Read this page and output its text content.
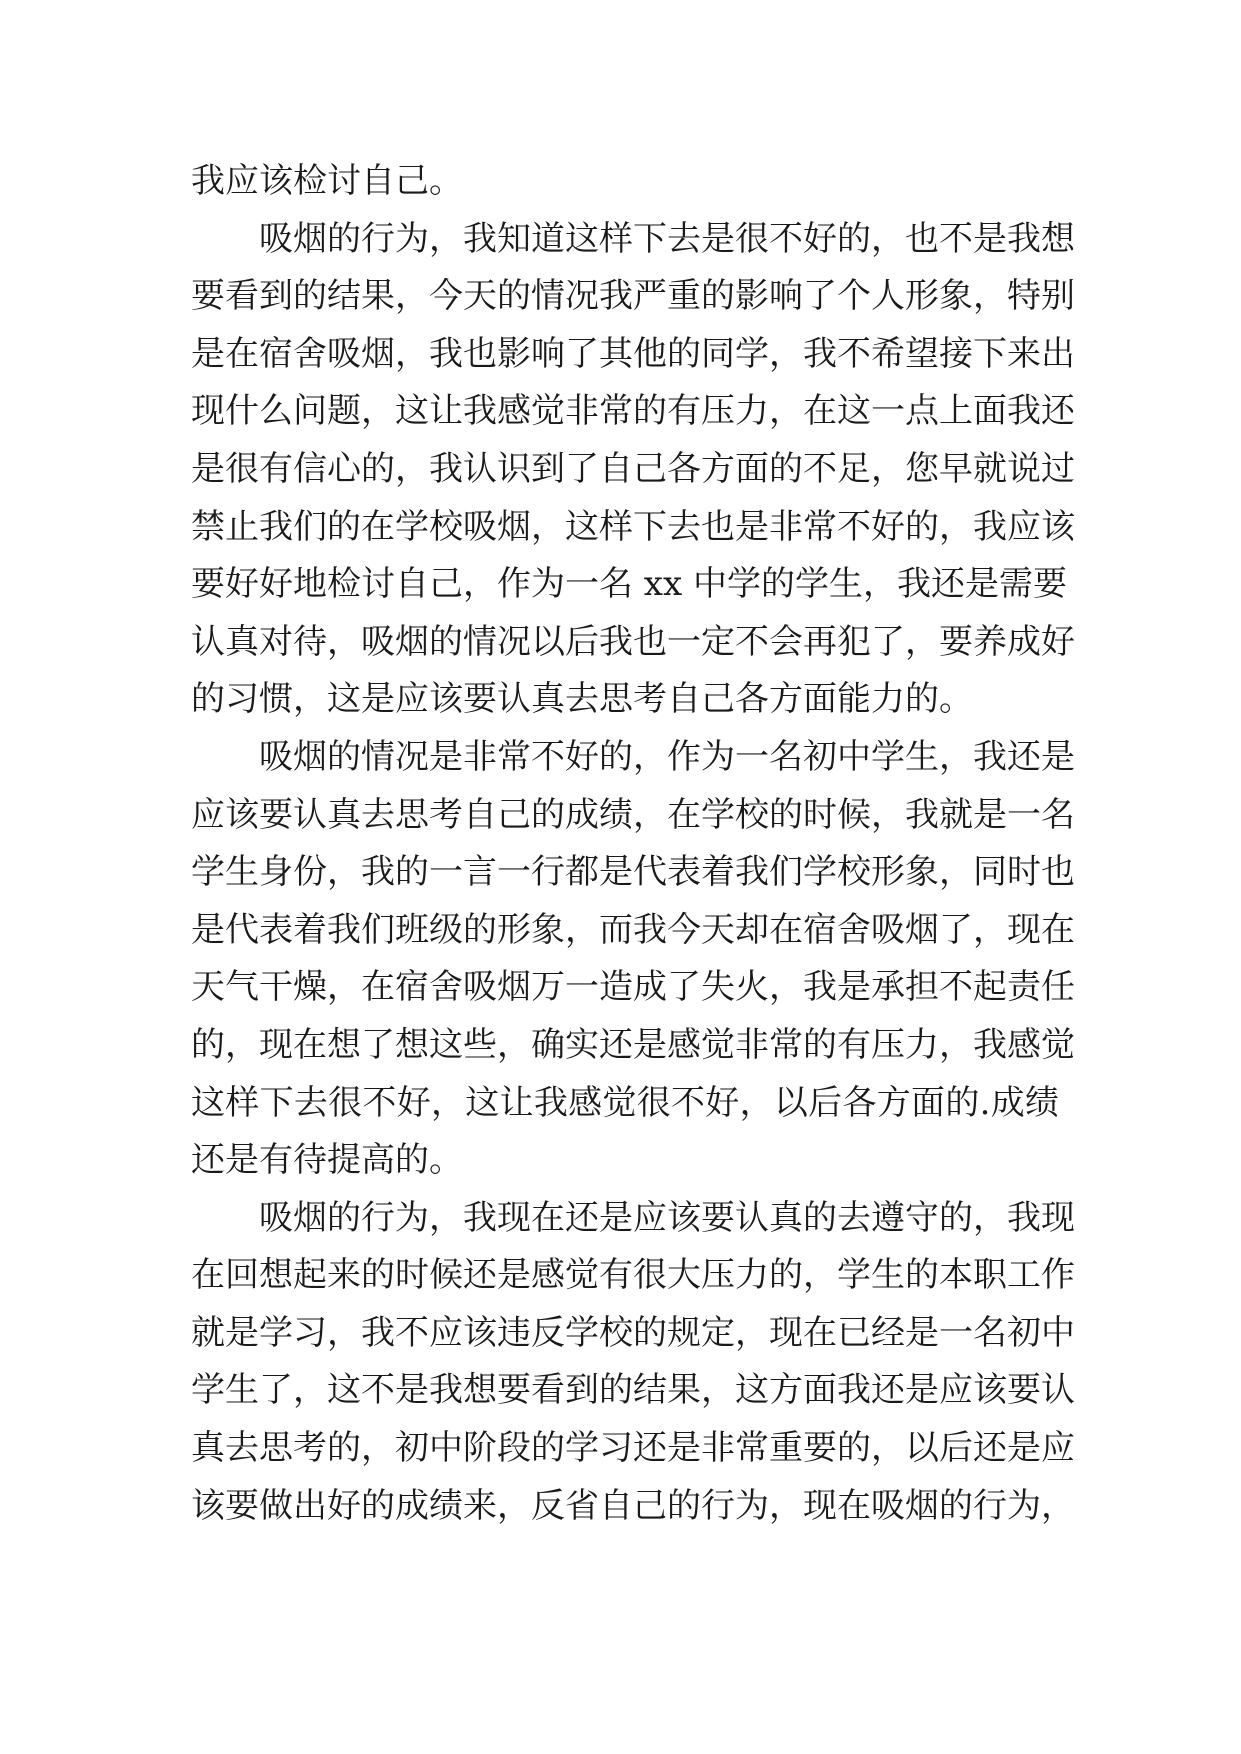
我应该检讨自己。
吸烟的行为，我知道这样下去是很不好的，也不是我想
要看到的结果，今天的情况我严重的影响了个人形象，特别
是在宿舍吸烟，我也影响了其他的同学，我不希望接下来出
现什么问题，这让我感觉非常的有压力，在这一点上面我还
是很有信心的，我认识到了自己各方面的不足，您早就说过
禁止我们的在学校吸烟，这样下去也是非常不好的，我应该
要好好地检讨自己，作为一名 xx 中学的学生，我还是需要
认真对待，吸烟的情况以后我也一定不会再犯了，要养成好
的习惯，这是应该要认真去思考自己各方面能力的。
吸烟的情况是非常不好的，作为一名初中学生，我还是
应该要认真去思考自己的成绩，在学校的时候，我就是一名
学生身份，我的一言一行都是代表着我们学校形象，同时也
是代表着我们班级的形象，而我今天却在宿舍吸烟了，现在
天气干燥，在宿舍吸烟万一造成了失火，我是承担不起责任
的，现在想了想这些，确实还是感觉非常的有压力，我感觉
这样下去很不好，这让我感觉很不好，以后各方面的.成绩
还是有待提高的。
吸烟的行为，我现在还是应该要认真的去遵守的，我现
在回想起来的时候还是感觉有很大压力的，学生的本职工作
就是学习，我不应该违反学校的规定，现在已经是一名初中
学生了，这不是我想要看到的结果，这方面我还是应该要认
真去思考的，初中阶段的学习还是非常重要的，以后还是应
该要做出好的成绩来，反省自己的行为，现在吸烟的行为，
